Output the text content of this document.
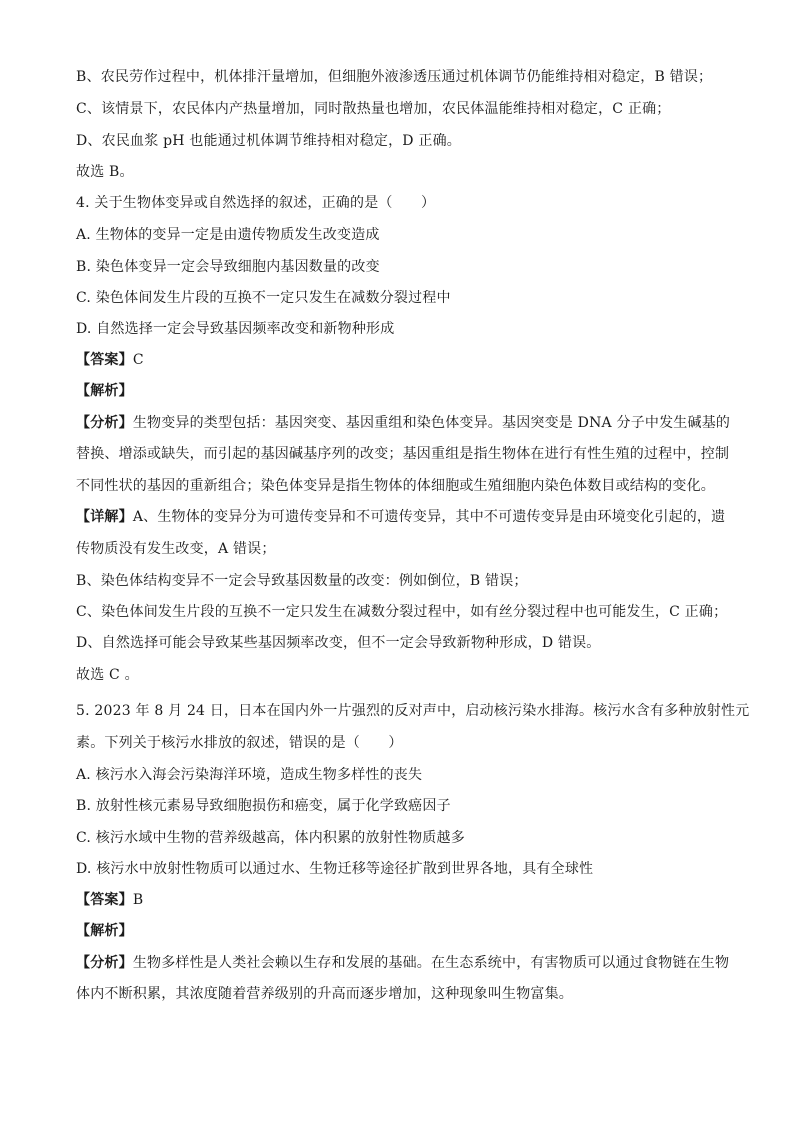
B、农民劳作过程中，机体排汗量增加，但细胞外液渗透压通过机体调节仍能维持相对稳定，B 错误；
C、该情景下，农民体内产热量增加，同时散热量也增加，农民体温能维持相对稳定，C 正确；
D、农民血浆 pH 也能通过机体调节维持相对稳定，D 正确。
故选 B。
4. 关于生物体变异或自然选择的叙述，正确的是（　　）
A. 生物体的变异一定是由遗传物质发生改变造成
B. 染色体变异一定会导致细胞内基因数量的改变
C. 染色体间发生片段的互换不一定只发生在减数分裂过程中
D. 自然选择一定会导致基因频率改变和新物种形成
【答案】C
【解析】
【分析】生物变异的类型包括：基因突变、基因重组和染色体变异。基因突变是 DNA 分子中发生碱基的
替换、增添或缺失，而引起的基因碱基序列的改变；基因重组是指生物体在进行有性生殖的过程中，控制
不同性状的基因的重新组合；染色体变异是指生物体的体细胞或生殖细胞内染色体数目或结构的变化。
【详解】A、生物体的变异分为可遗传变异和不可遗传变异，其中不可遗传变异是由环境变化引起的，遗
传物质没有发生改变，A 错误；
B、染色体结构变异不一定会导致基因数量的改变：例如倒位，B 错误；
C、染色体间发生片段的互换不一定只发生在减数分裂过程中，如有丝分裂过程中也可能发生，C 正确；
D、自然选择可能会导致某些基因频率改变，但不一定会导致新物种形成，D 错误。
故选 C 。
5. 2023 年 8 月 24 日，日本在国内外一片强烈的反对声中，启动核污染水排海。核污水含有多种放射性元
素。下列关于核污水排放的叙述，错误的是（　　）
A. 核污水入海会污染海洋环境，造成生物多样性的丧失
B. 放射性核元素易导致细胞损伤和癌变，属于化学致癌因子
C. 核污水域中生物的营养级越高，体内积累的放射性物质越多
D. 核污水中放射性物质可以通过水、生物迁移等途径扩散到世界各地，具有全球性
【答案】B
【解析】
【分析】生物多样性是人类社会赖以生存和发展的基础。在生态系统中，有害物质可以通过食物链在生物
体内不断积累，其浓度随着营养级别的升高而逐步增加，这种现象叫生物富集。
